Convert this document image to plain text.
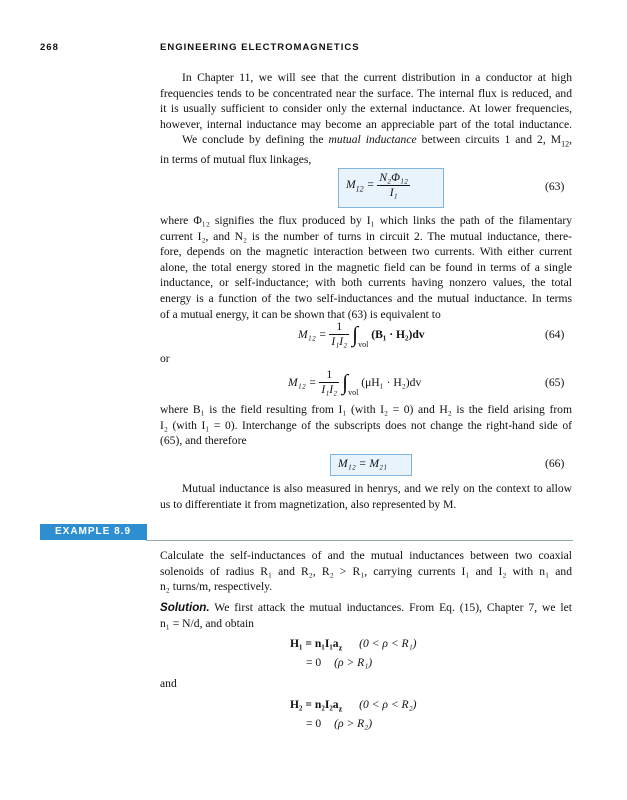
268	ENGINEERING ELECTROMAGNETICS
In Chapter 11, we will see that the current distribution in a conductor at high
frequencies tends to be concentrated near the surface. The internal flux is reduced, and
it is usually sufficient to consider only the external inductance. At lower frequencies,
however, internal inductance may become an appreciable part of the total inductance.
We conclude by defining the mutual inductance between circuits 1 and 2, $M_{12}$,
in terms of mutual flux linkages,
$M_{12} = \frac{\text{N₂Φ₁₂}}{\text{I₁}}$	(63)
where Φ₁₂ signifies the flux produced by I₁ which links the path of the filamentary
current I₂, and N₂ is the number of turns in circuit 2. The mutual inductance, there-
fore, depends on the magnetic interaction between two currents. With either current
alone, the total energy stored in the magnetic field can be found in terms of a single
inductance, or self-inductance; with both currents having nonzero values, the total
energy is a function of the two self-inductances and the mutual inductance. In terms
of a mutual energy, it can be shown that (63) is equivalent to
$M_{12} = \frac{1}{\text{I₁I₂}} \int_{vol}$ (B₁ · H₂)dv	(64)
or
$M_{12} = \frac{1}{\text{I₁I₂}} \int_{vol}$ (μH₁ · H₂)dv	(65)
where B₁ is the field resulting from I₁ (with I₂ = 0) and H₂ is the field arising from
I₂ (with I₁ = 0). Interchange of the subscripts does not change the right-hand side of
(65), and therefore
M₁₂ = M₂₁	(66)
Mutual inductance is also measured in henrys, and we rely on the context to allow
us to differentiate it from magnetization, also represented by M.
EXAMPLE 8.9
Calculate the self-inductances of and the mutual inductances between two coaxial
solenoids of radius R₁ and R₂, R₂ > R₁, carrying currents I₁ and I₂ with n₁ and
n₂ turns/m, respectively.
Solution. We first attack the mutual inductances. From Eq. (15), Chapter 7, we let
n₁ = N/d, and obtain
$H_1 = n_1I_1a_z$ (0 < ρ < R₁)
= 0 (ρ > R₁)
and
$H_2 = n_2I_2a_z$ (0 < ρ < R₂)
= 0 (ρ > R₂)
